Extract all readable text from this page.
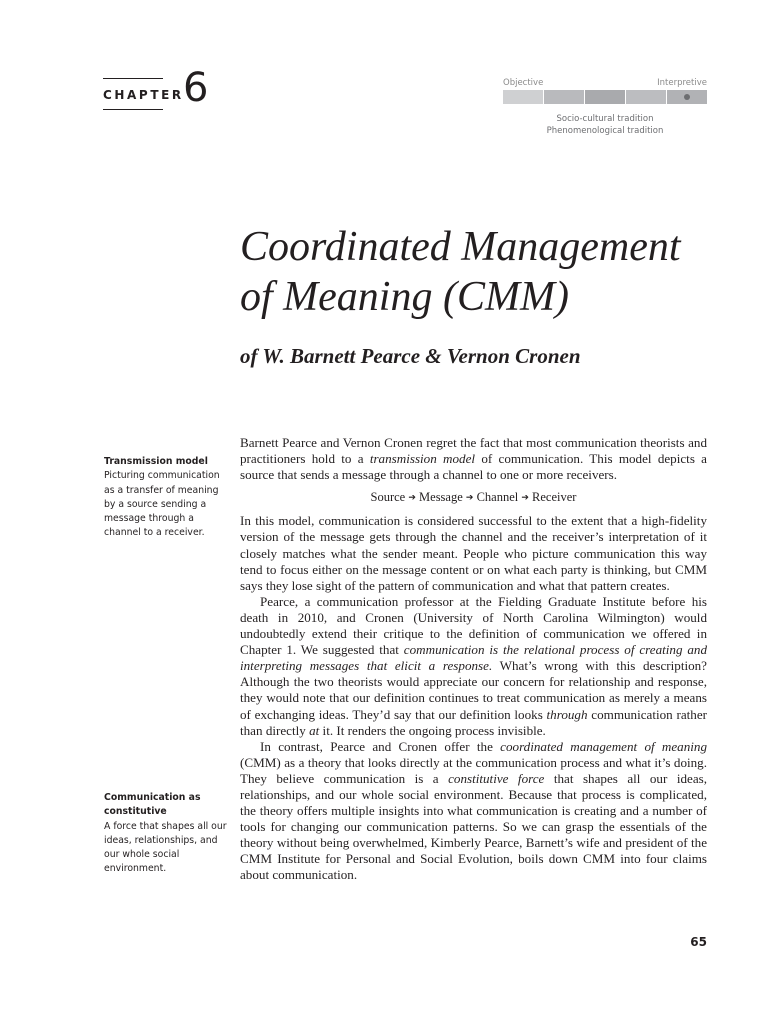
CHAPTER 6	Objective	Interpretive
Socio-cultural tradition
Phenomenological tradition
Coordinated Management
of Meaning (CMM)
of W. Barnett Pearce & Vernon Cronen
Transmission model
Picturing communication as a transfer of meaning by a source sending a message through a channel to a receiver.
Communication as constitutive
A force that shapes all our ideas, relationships, and our whole social environment.

Barnett Pearce and Vernon Cronen regret the fact that most communication theorists and practitioners hold to a transmission model of communication. This model depicts a source that sends a message through a channel to one or more receivers.

Source ➔ Message ➔ Channel ➔ Receiver

In this model, communication is considered successful to the extent that a high-fidelity version of the message gets through the channel and the receiver’s interpretation of it closely matches what the sender meant. People who picture communication this way tend to focus either on the message content or on what each party is thinking, but CMM says they lose sight of the pattern of communication and what that pattern creates.

Pearce, a communication professor at the Fielding Graduate Institute before his death in 2010, and Cronen (University of North Carolina Wilmington) would undoubtedly extend their critique to the definition of communication we offered in Chapter 1. We suggested that communication is the relational process of creating and interpreting messages that elicit a response. What’s wrong with this description? Although the two theorists would appreciate our concern for relationship and response, they would note that our definition continues to treat communication as merely a means of exchanging ideas. They’d say that our definition looks through communication rather than directly at it. It renders the ongoing process invisible.

In contrast, Pearce and Cronen offer the coordinated management of meaning (CMM) as a theory that looks directly at the communication process and what it’s doing. They believe communication is a constitutive force that shapes all our ideas, relationships, and our whole social environment. Because that process is complicated, the theory offers multiple insights into what communication is creating and a number of tools for changing our communication patterns. So we can grasp the essentials of the theory without being overwhelmed, Kimberly Pearce, Barnett’s wife and president of the CMM Institute for Personal and Social Evolution, boils down CMM into four claims about communication.

65
